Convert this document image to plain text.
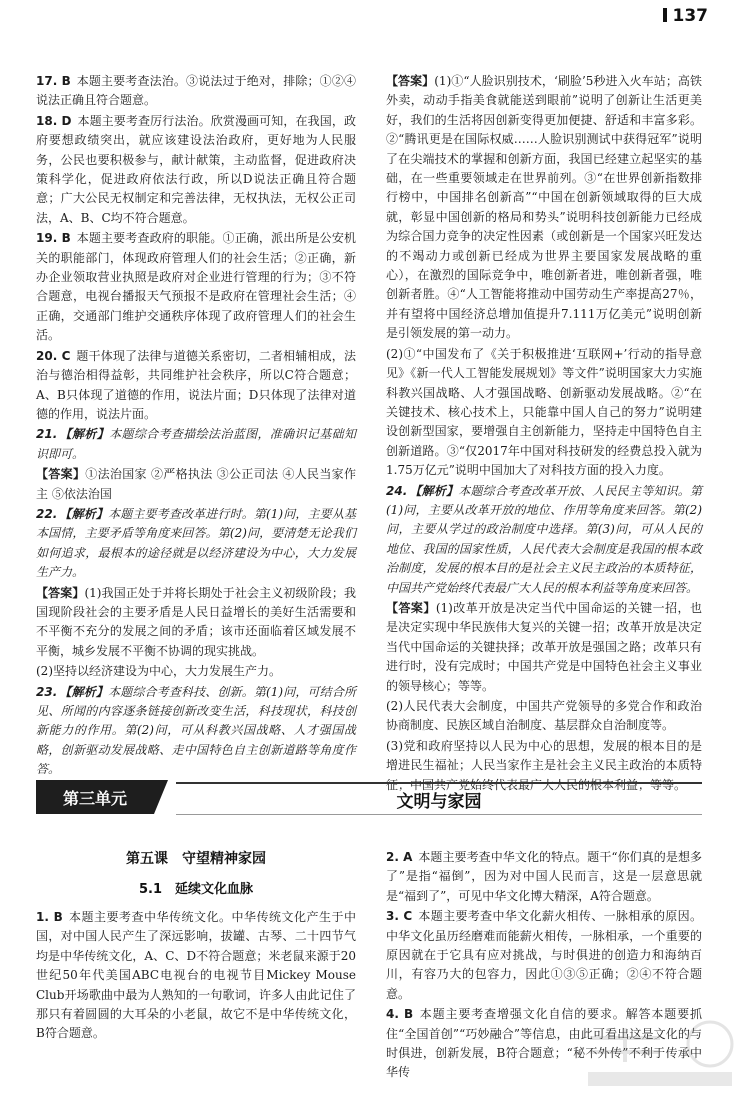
137

17. B 本题主要考查法治。③说法过于绝对，排除；①②④说法正确且符合题意。

18. D 本题主要考查厉行法治。欣赏漫画可知，在我国，政府要想政绩突出，就应该建设法治政府，更好地为人民服务，公民也要积极参与，献计献策，主动监督，促进政府决策科学化，促进政府依法行政，所以D说法正确且符合题意；广大公民无权制定和完善法律，无权执法，无权公正司法，A、B、C均不符合题意。

19. B 本题主要考查政府的职能。①正确，派出所是公安机关的职能部门，体现政府管理人们的社会生活；②正确，新办企业领取营业执照是政府对企业进行管理的行为；③不符合题意，电视台播报天气预报不是政府在管理社会生活；④正确，交通部门维护交通秩序体现了政府管理人们的社会生活。

20. C 题干体现了法律与道德关系密切，二者相辅相成，法治与德治相得益彰，共同维护社会秩序，所以C符合题意；A、B只体现了道德的作用，说法片面；D只体现了法律对道德的作用，说法片面。

21. 【解析】本题综合考查描绘法治蓝图，准确识记基础知识即可。

【答案】①法治国家 ②严格执法 ③公正司法 ④人民当家作主 ⑤依法治国

22. 【解析】本题主要考查改革进行时。第(1)问，主要从基本国情，主要矛盾等角度来回答。第(2)问，要清楚无论我们如何追求，最根本的途径就是以经济建设为中心，大力发展生产力。

【答案】(1)我国正处于并将长期处于社会主义初级阶段；我国现阶段社会的主要矛盾是人民日益增长的美好生活需要和不平衡不充分的发展之间的矛盾；该市还面临着区域发展不平衡，城乡发展不平衡不协调的现实挑战。

(2)坚持以经济建设为中心，大力发展生产力。

23. 【解析】本题综合考查科技、创新。第(1)问，可结合所见、所闻的内容逐条链接创新改变生活，科技现状，科技创新能力的作用。第(2)问，可从科教兴国战略、人才强国战略，创新驱动发展战略、走中国特色自主创新道路等角度作答。

【答案】(1)①“人脸识别技术，‘刷脸’5秒进入火车站；高铁外卖，动动手指美食就能送到眼前”说明了创新让生活更美好，我们的生活将因创新变得更加便捷、舒适和丰富多彩。②“腾讯更是在国际权威……人脸识别测试中获得冠军”说明了在尖端技术的掌握和创新方面，我国已经建立起坚实的基础，在一些重要领域走在世界前列。③“在世界创新指数排行榜中，中国排名创新高”“中国在创新领域取得的巨大成就，彰显中国创新的格局和势头”说明科技创新能力已经成为综合国力竞争的决定性因素（或创新是一个国家兴旺发达的不竭动力或创新已经成为世界主要国家发展战略的重心），在激烈的国际竞争中，唯创新者进，唯创新者强，唯创新者胜。④“人工智能将推动中国劳动生产率提高27％，并有望将中国经济总增加值提升7.111万亿美元”说明创新是引领发展的第一动力。

(2)①“中国发布了《关于积极推进‘互联网+’行动的指导意见》《新一代人工智能发展规划》等文件”说明国家大力实施科教兴国战略、人才强国战略、创新驱动发展战略。②“在关键技术、核心技术上，只能靠中国人自己的努力”说明建设创新型国家，要增强自主创新能力，坚持走中国特色自主创新道路。③“仅2017年中国对科技研发的经费总投入就为1.75万亿元”说明中国加大了对科技方面的投入力度。

24. 【解析】本题综合考查改革开放、人民民主等知识。第(1)问，主要从改革开放的地位、作用等角度来回答。第(2)问，主要从学过的政治制度中选择。第(3)问，可从人民的地位、我国的国家性质，人民代表大会制度是我国的根本政治制度，发展的根本目的是社会主义民主政治的本质特征，中国共产党始终代表最广大人民的根本利益等角度来回答。

【答案】(1)改革开放是决定当代中国命运的关键一招，也是决定实现中华民族伟大复兴的关键一招；改革开放是决定当代中国命运的关键抉择；改革开放是强国之路；改革只有进行时，没有完成时；中国共产党是中国特色社会主义事业的领导核心；等等。

(2)人民代表大会制度，中国共产党领导的多党合作和政治协商制度、民族区域自治制度、基层群众自治制度等。

(3)党和政府坚持以人民为中心的思想，发展的根本目的是增进民生福祉；人民当家作主是社会主义民主政治的本质特征；中国共产党始终代表最广大人民的根本利益；等等。

第三单元	文明与家园
第五课　守望精神家园
5.1　延续文化血脉

1. B 本题主要考查中华传统文化。中华传统文化产生于中国，对中国人民产生了深远影响，拔罐、古琴、二十四节气均是中华传统文化，A、C、D不符合题意；米老鼠来源于20世纪50年代美国ABC电视台的电视节目Mickey Mouse Club开场歌曲中最为人熟知的一句歌词，许多人由此记住了那只有着圆圆的大耳朵的小老鼠，故它不是中华传统文化，B符合题意。

2. A 本题主要考查中华文化的特点。题干“你们真的是想多了”是指“福倒”，因为对中国人民而言，这是一层意思就是“福到了”，可见中华文化博大精深，A符合题意。

3. C 本题主要考查中华文化薪火相传、一脉相承的原因。中华文化虽历经磨难而能薪火相传，一脉相承，一个重要的原因就在于它具有应对挑战，与时俱进的创造力和海纳百川，有容乃大的包容力，因此①③⑤正确；②④不符合题意。

4. B 本题主要考查增强文化自信的要求。解答本题要抓住“全国首创”“巧妙融合”等信息，由此可看出这是文化的与时俱进，创新发展，B符合题意；“秘不外传”不利于传承中华传
